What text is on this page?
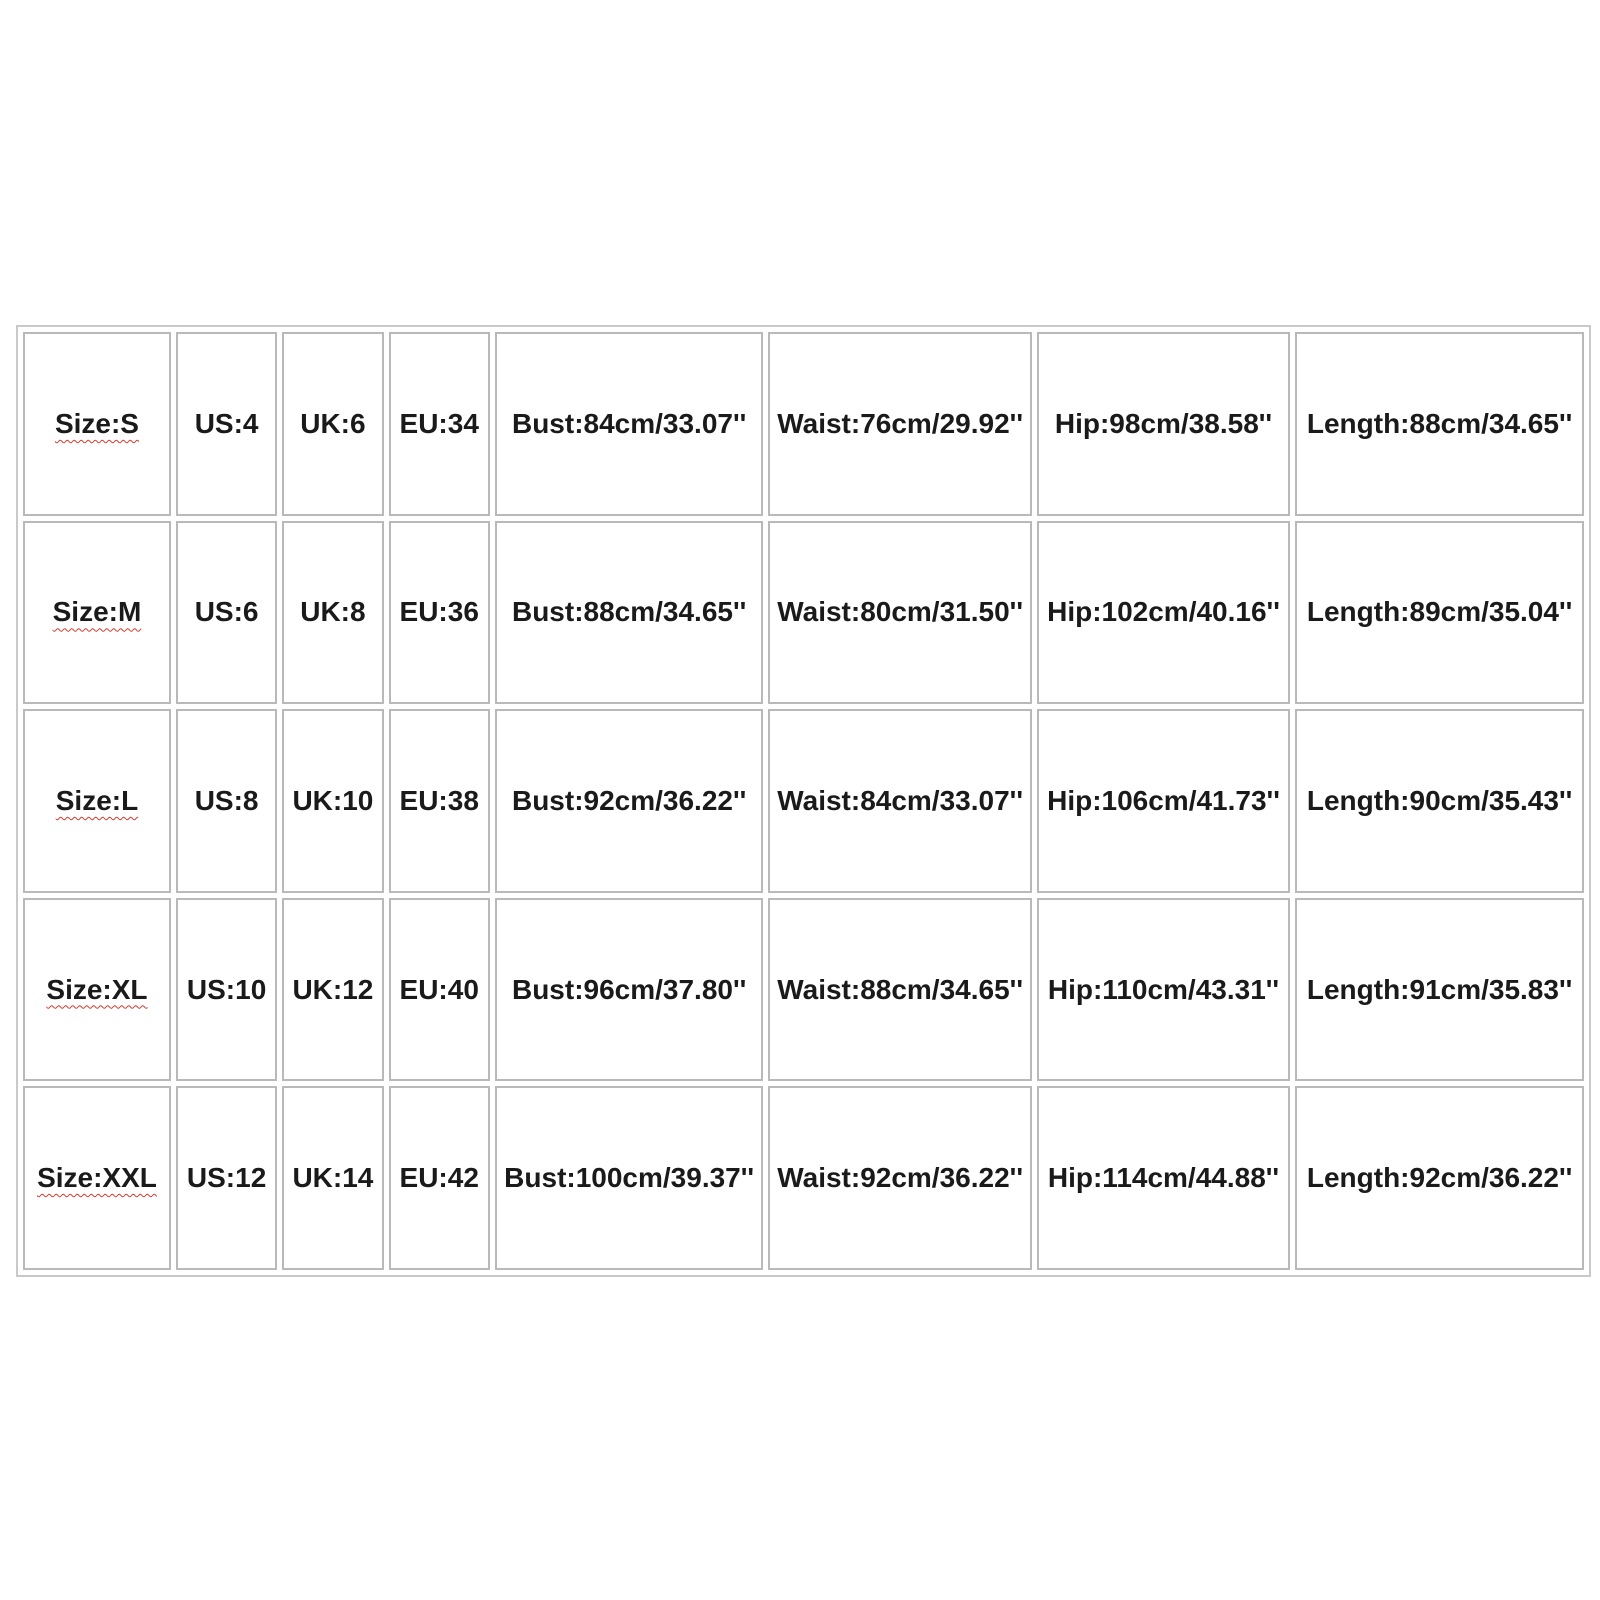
Size:S	US:4	UK:6	EU:34	Bust:84cm/33.07''	Waist:76cm/29.92''	Hip:98cm/38.58''	Length:88cm/34.65''
Size:M	US:6	UK:8	EU:36	Bust:88cm/34.65''	Waist:80cm/31.50''	Hip:102cm/40.16''	Length:89cm/35.04''
Size:L	US:8	UK:10	EU:38	Bust:92cm/36.22''	Waist:84cm/33.07''	Hip:106cm/41.73''	Length:90cm/35.43''
Size:XL	US:10	UK:12	EU:40	Bust:96cm/37.80''	Waist:88cm/34.65''	Hip:110cm/43.31''	Length:91cm/35.83''
Size:XXL	US:12	UK:14	EU:42	Bust:100cm/39.37''	Waist:92cm/36.22''	Hip:114cm/44.88''	Length:92cm/36.22''
